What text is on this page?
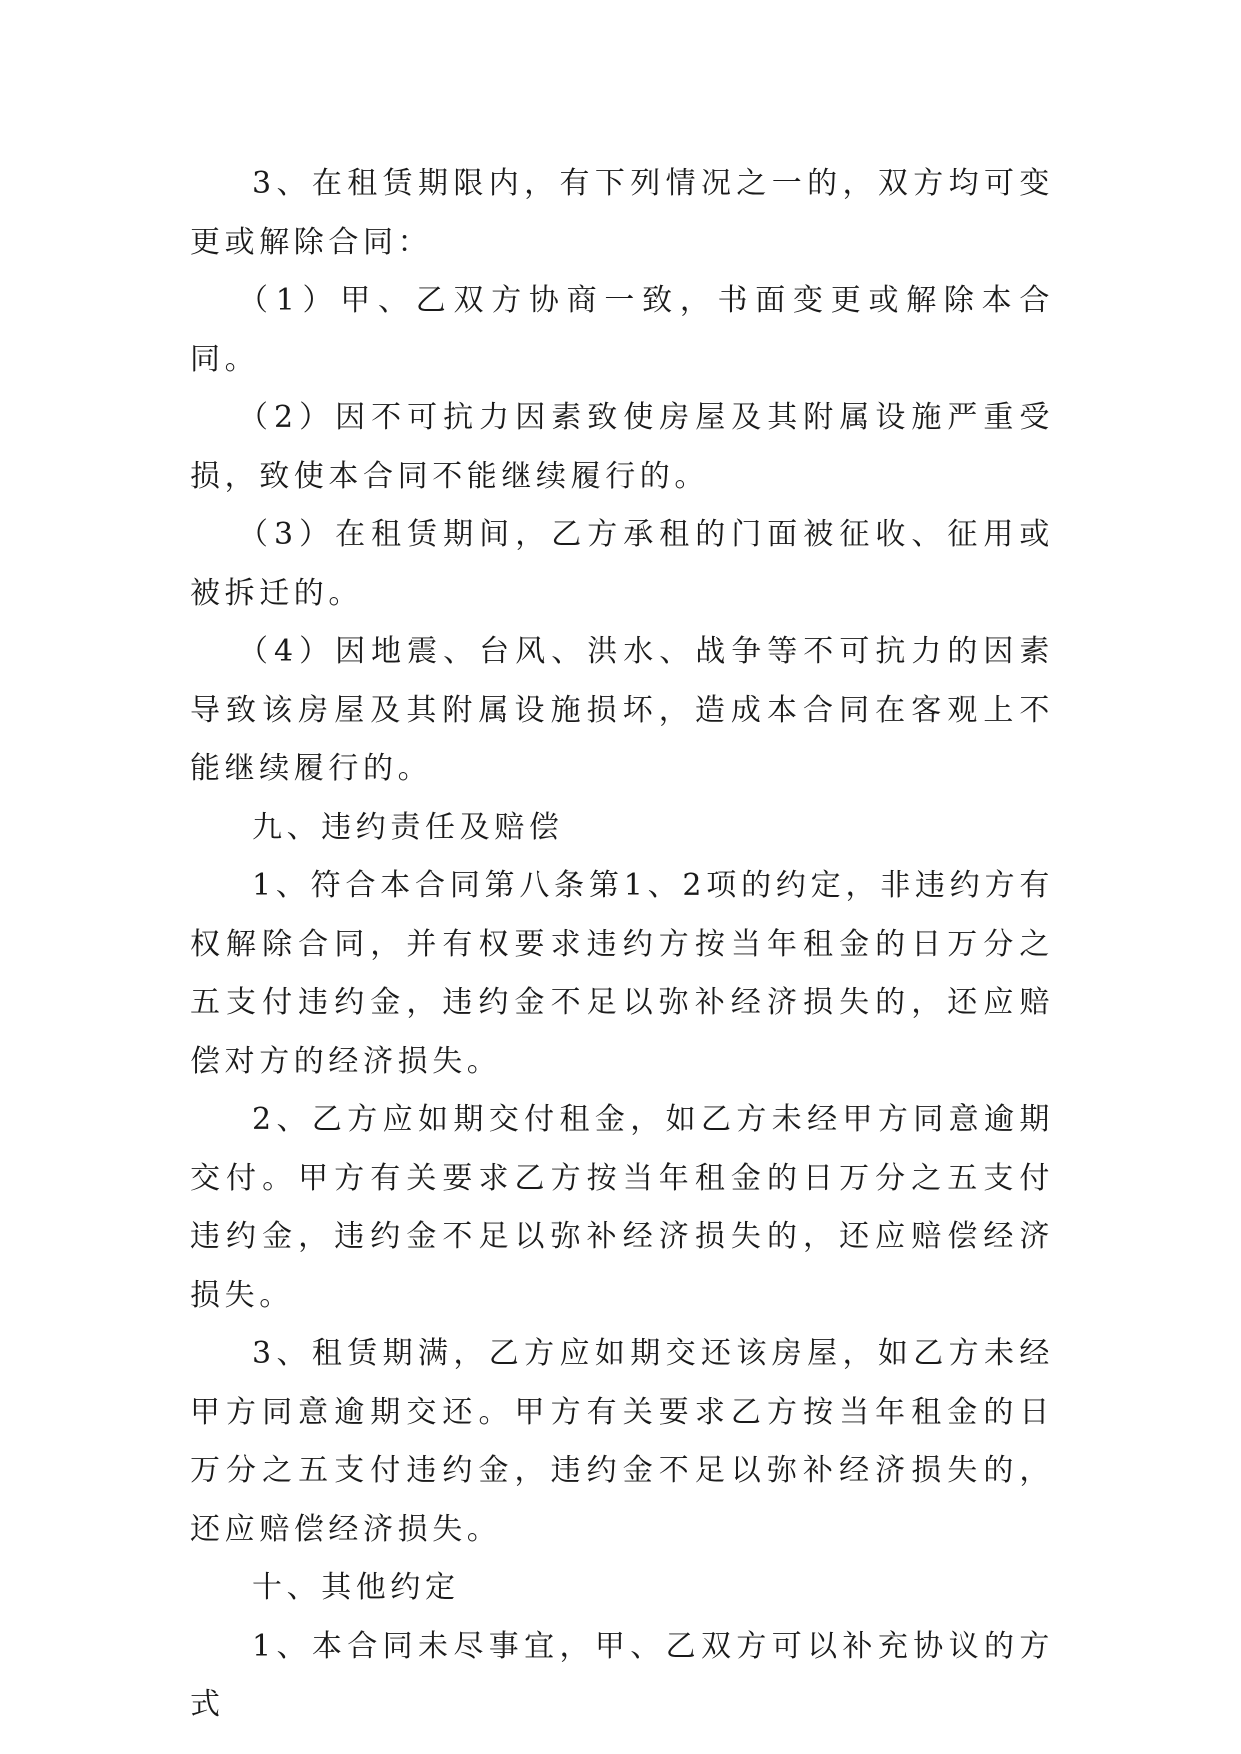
3、在租赁期限内，有下列情况之一的，双方均可变更或解除合同：

（1）甲、乙双方协商一致，书面变更或解除本合同。

（2）因不可抗力因素致使房屋及其附属设施严重受损，致使本合同不能继续履行的。

（3）在租赁期间，乙方承租的门面被征收、征用或被拆迁的。

（4）因地震、台风、洪水、战争等不可抗力的因素导致该房屋及其附属设施损坏，造成本合同在客观上不能继续履行的。

九、违约责任及赔偿

1、符合本合同第八条第1、2项的约定，非违约方有权解除合同，并有权要求违约方按当年租金的日万分之五支付违约金，违约金不足以弥补经济损失的，还应赔偿对方的经济损失。

2、乙方应如期交付租金，如乙方未经甲方同意逾期交付。甲方有关要求乙方按当年租金的日万分之五支付违约金，违约金不足以弥补经济损失的，还应赔偿经济损失。

3、租赁期满，乙方应如期交还该房屋，如乙方未经甲方同意逾期交还。甲方有关要求乙方按当年租金的日万分之五支付违约金，违约金不足以弥补经济损失的，还应赔偿经济损失。

十、其他约定

1、本合同未尽事宜，甲、乙双方可以补充协议的方式
